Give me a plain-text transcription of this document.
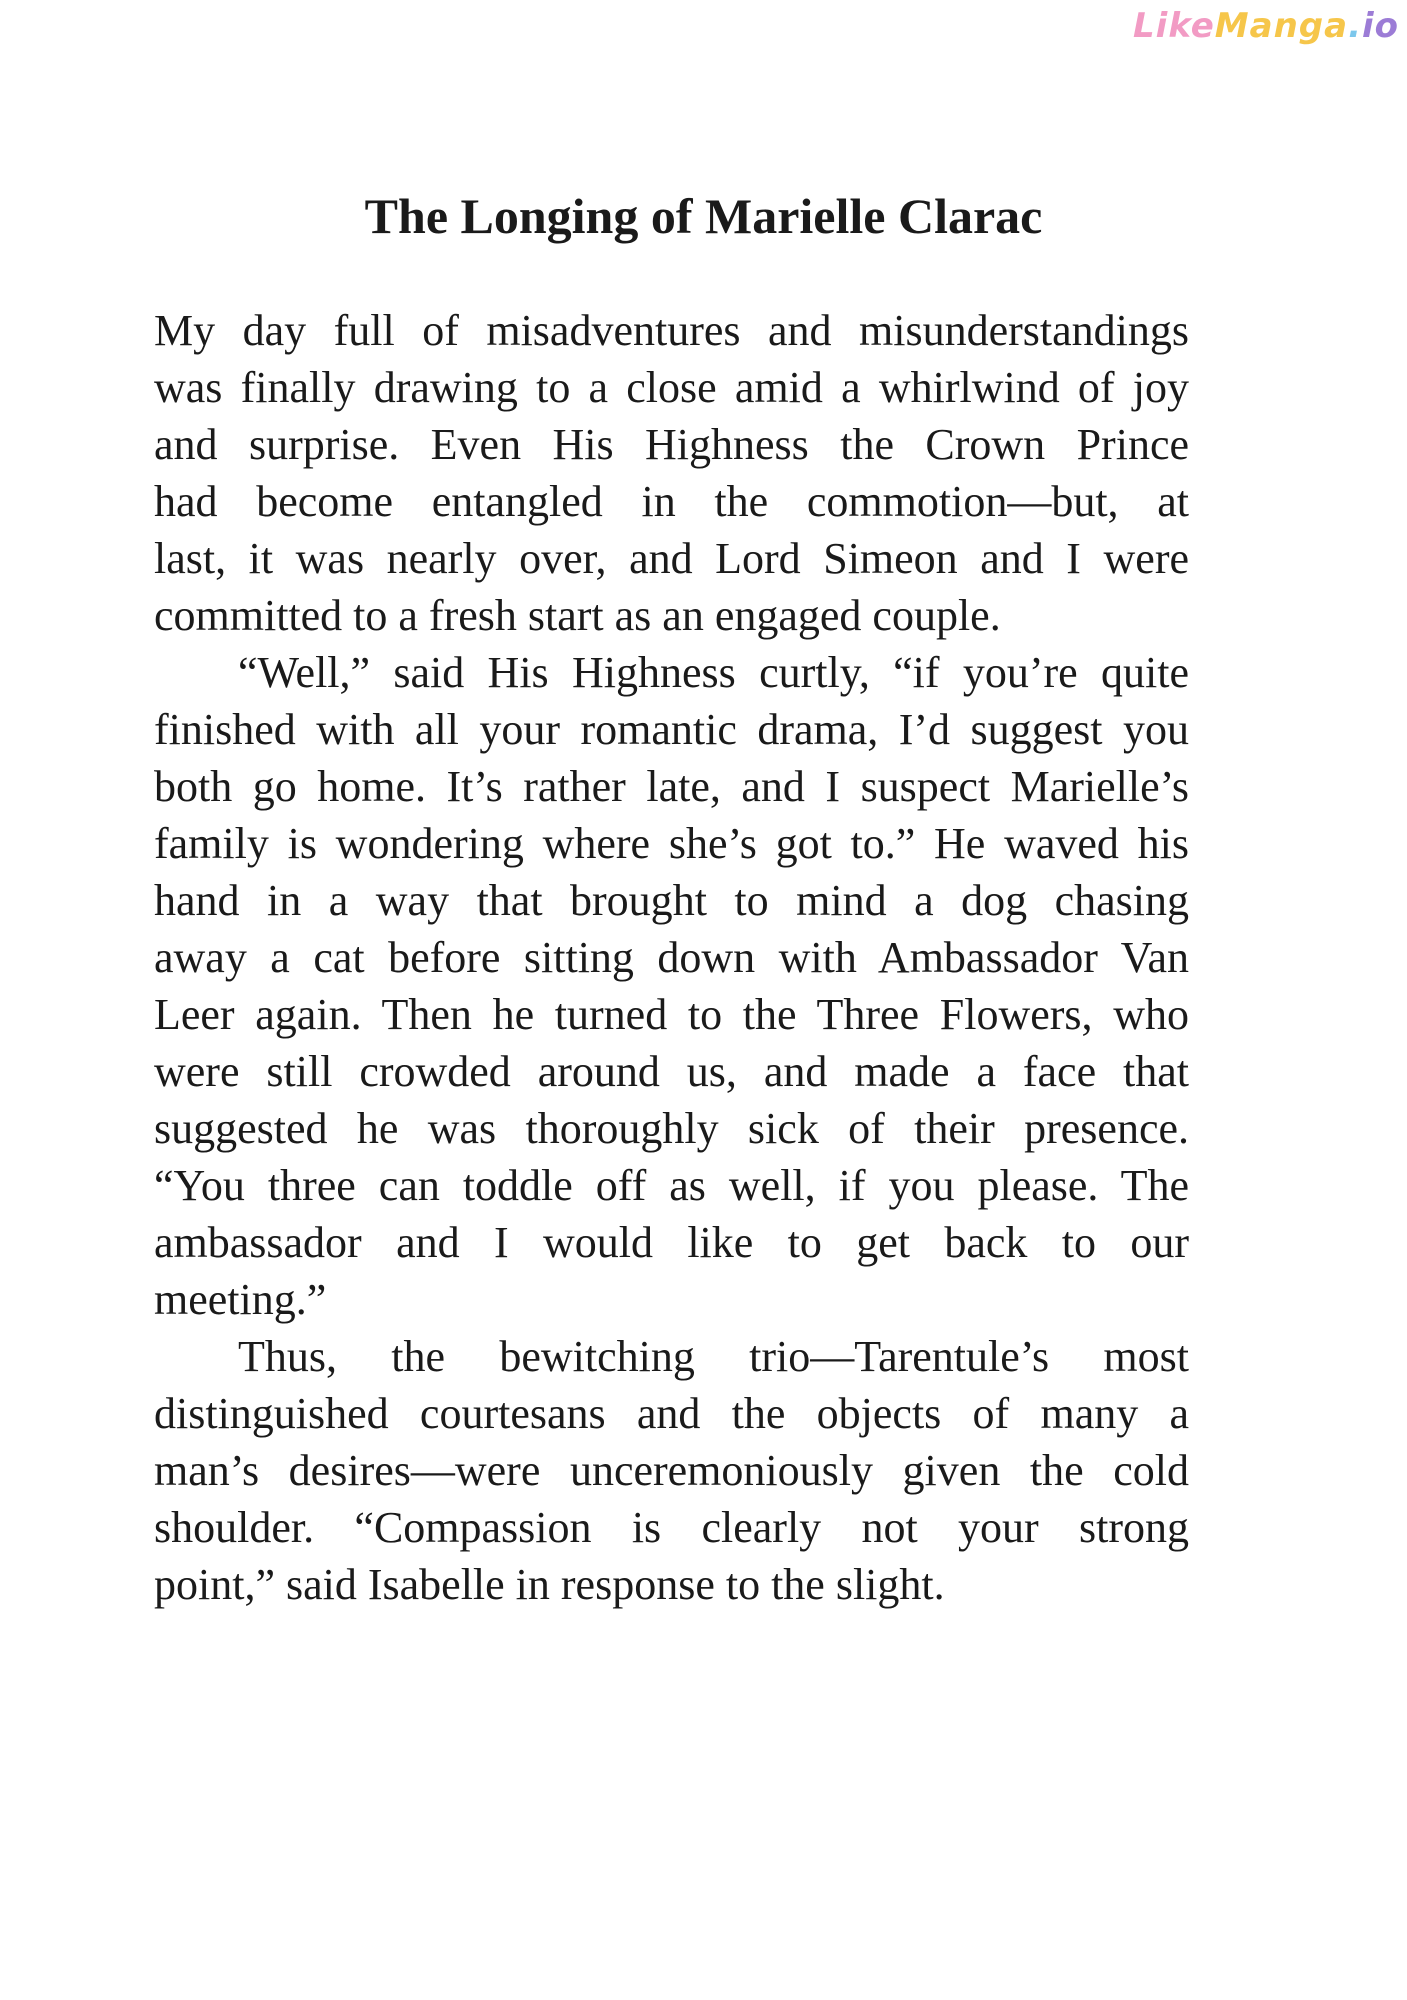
LikeManga.io
The Longing of Marielle Clarac
My day full of misadventures and misunderstandings
was finally drawing to a close amid a whirlwind of joy
and surprise. Even His Highness the Crown Prince
had become entangled in the commotion—but, at
last, it was nearly over, and Lord Simeon and I were
committed to a fresh start as an engaged couple.
“Well,” said His Highness curtly, “if you’re quite
finished with all your romantic drama, I’d suggest you
both go home. It’s rather late, and I suspect Marielle’s
family is wondering where she’s got to.” He waved his
hand in a way that brought to mind a dog chasing
away a cat before sitting down with Ambassador Van
Leer again. Then he turned to the Three Flowers, who
were still crowded around us, and made a face that
suggested he was thoroughly sick of their presence.
“You three can toddle off as well, if you please. The
ambassador and I would like to get back to our
meeting.”
Thus, the bewitching trio—Tarentule’s most
distinguished courtesans and the objects of many a
man’s desires—were unceremoniously given the cold
shoulder. “Compassion is clearly not your strong
point,” said Isabelle in response to the slight.
